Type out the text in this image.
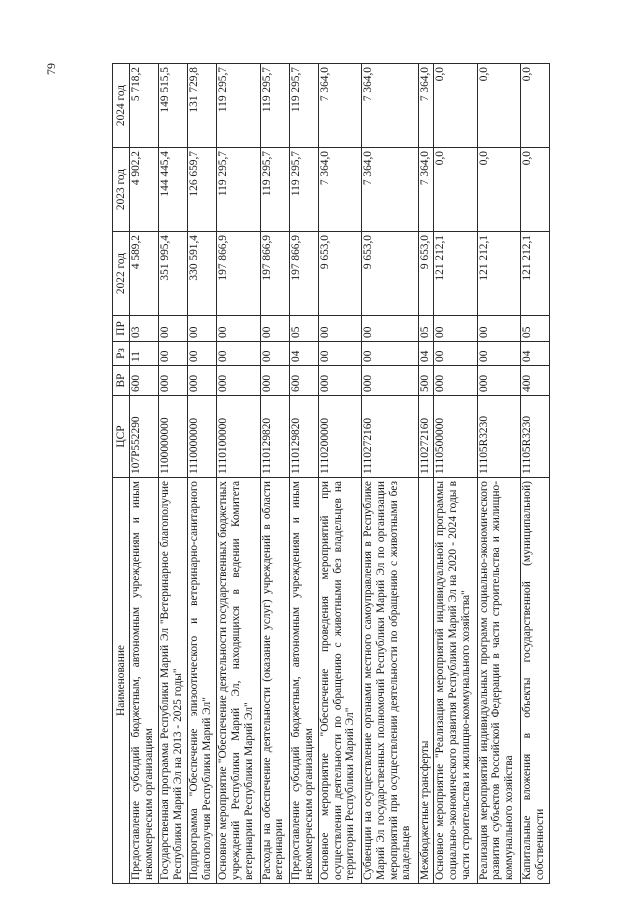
79
Наименование	ЦСР	ВР	Рз	ПР	2022 год	2023 год	2024 год
Предоставление субсидий бюджетным, автономным учреждениям и иным некоммерческим организациям	107Р552290	600	11	03	4 589,2	4 902,2	5 718,2
Государственная программа Республики Марий Эл "Ветеринарное благополучие Республики Марий Эл на 2013 - 2025 годы"	1100000000	000	00	00	351 995,4	144 445,4	149 515,5
Подпрограмма "Обеспечение эпизоотического и ветеринарно-санитарного благополучия Республики Марий Эл"	1110000000	000	00	00	330 591,4	126 659,7	131 729,8
Основное мероприятие "Обеспечение деятельности государственных бюджетных учреждений Республики Марий Эл, находящихся в ведении Комитета ветеринарии Республики Марий Эл"	1110100000	000	00	00	197 866,9	119 295,7	119 295,7
Расходы на обеспечение деятельности (оказание услуг) учреждений в области ветеринарии	1110129820	000	00	00	197 866,9	119 295,7	119 295,7
Предоставление субсидий бюджетным, автономным учреждениям и иным некоммерческим организациям	1110129820	600	04	05	197 866,9	119 295,7	119 295,7
Основное мероприятие "Обеспечение проведения мероприятий при осуществлении деятельности по обращению с животными без владельцев на территории Республики Марий Эл"	1110200000	000	00	00	9 653,0	7 364,0	7 364,0
Субвенции на осуществление органами местного самоуправления в Республике Марий Эл государственных полномочий Республики Марий Эл по организации мероприятий при осуществлении деятельности по обращению с животными без владельцев	1110272160	000	00	00	9 653,0	7 364,0	7 364,0
Межбюджетные трансферты	1110272160	500	04	05	9 653,0	7 364,0	7 364,0
Основное мероприятие "Реализация мероприятий индивидуальной программы социально-экономического развития Республики Марий Эл на 2020 - 2024 годы в части строительства и жилищно-коммунального хозяйства"	1110500000	000	00	00	121 212,1	0,0	0,0
Реализация мероприятий индивидуальных программ социально-экономического развития субъектов Российской Федерации в части строительства и жилищно-коммунального хозяйства	11105R3230	000	00	00	121 212,1	0,0	0,0
Капитальные вложения в объекты государственной (муниципальной) собственности	11105R3230	400	04	05	121 212,1	0,0	0,0
